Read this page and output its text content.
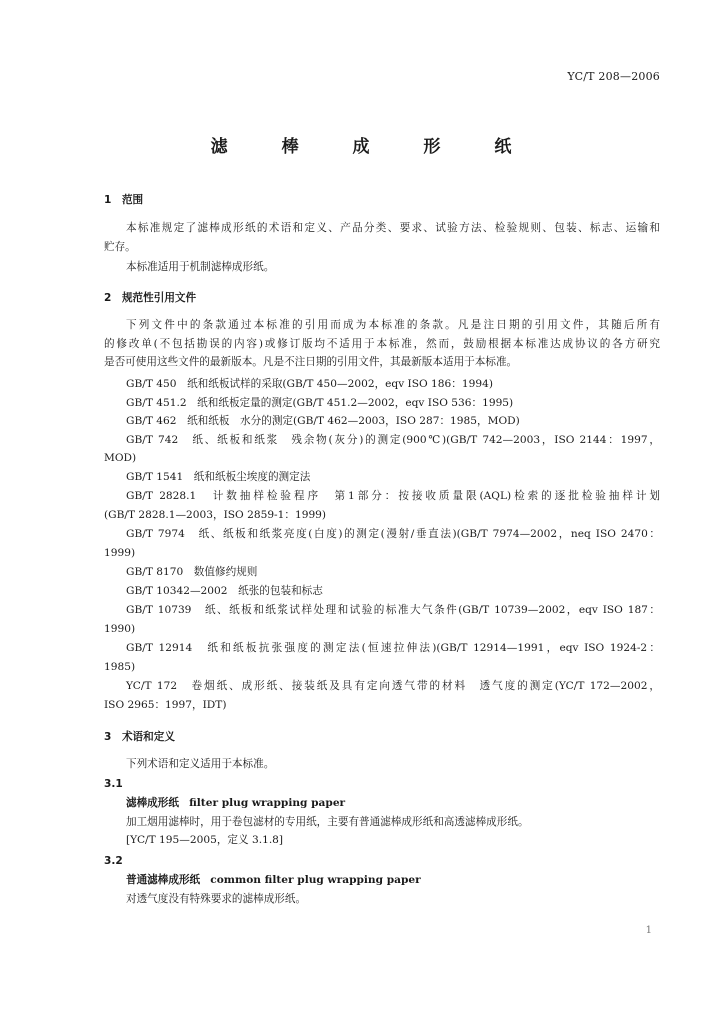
YC/T 208—2006
滤 棒 成 形 纸
1　范围
本标准规定了滤棒成形纸的术语和定义、产品分类、要求、试验方法、检验规则、包装、标志、运输和
贮存。
本标准适用于机制滤棒成形纸。
2　规范性引用文件
下列文件中的条款通过本标准的引用而成为本标准的条款。凡是注日期的引用文件，其随后所有
的修改单(不包括勘误的内容)或修订版均不适用于本标准，然而，鼓励根据本标准达成协议的各方研究
是否可使用这些文件的最新版本。凡是不注日期的引用文件，其最新版本适用于本标准。
GB/T 450　纸和纸板试样的采取(GB/T 450—2002，eqv ISO 186：1994)
GB/T 451.2　纸和纸板定量的测定(GB/T 451.2—2002，eqv ISO 536：1995)
GB/T 462　纸和纸板　水分的测定(GB/T 462—2003，ISO 287：1985，MOD)
GB/T 742　纸、纸板和纸浆　残余物(灰分)的测定(900℃)(GB/T 742—2003，ISO 2144：1997，
MOD)
GB/T 1541　纸和纸板尘埃度的测定法
GB/T 2828.1　计数抽样检验程序　第1部分：按接收质量限(AQL)检索的逐批检验抽样计划
(GB/T 2828.1—2003，ISO 2859-1：1999)
GB/T 7974　纸、纸板和纸浆亮度(白度)的测定(漫射/垂直法)(GB/T 7974—2002，neq ISO 2470：
1999)
GB/T 8170　数值修约规则
GB/T 10342—2002　纸张的包装和标志
GB/T 10739　纸、纸板和纸浆试样处理和试验的标准大气条件(GB/T 10739—2002，eqv ISO 187：
1990)
GB/T 12914　纸和纸板抗张强度的测定法(恒速拉伸法)(GB/T 12914—1991，eqv ISO 1924-2：
1985)
YC/T 172　卷烟纸、成形纸、接装纸及具有定向透气带的材料　透气度的测定(YC/T 172—2002，
ISO 2965：1997，IDT)
3　术语和定义
下列术语和定义适用于本标准。
3.1
滤棒成形纸 filter plug wrapping paper
加工烟用滤棒时，用于卷包滤材的专用纸，主要有普通滤棒成形纸和高透滤棒成形纸。
[YC/T 195—2005，定义 3.1.8]
3.2
普通滤棒成形纸 common filter plug wrapping paper
对透气度没有特殊要求的滤棒成形纸。
1
